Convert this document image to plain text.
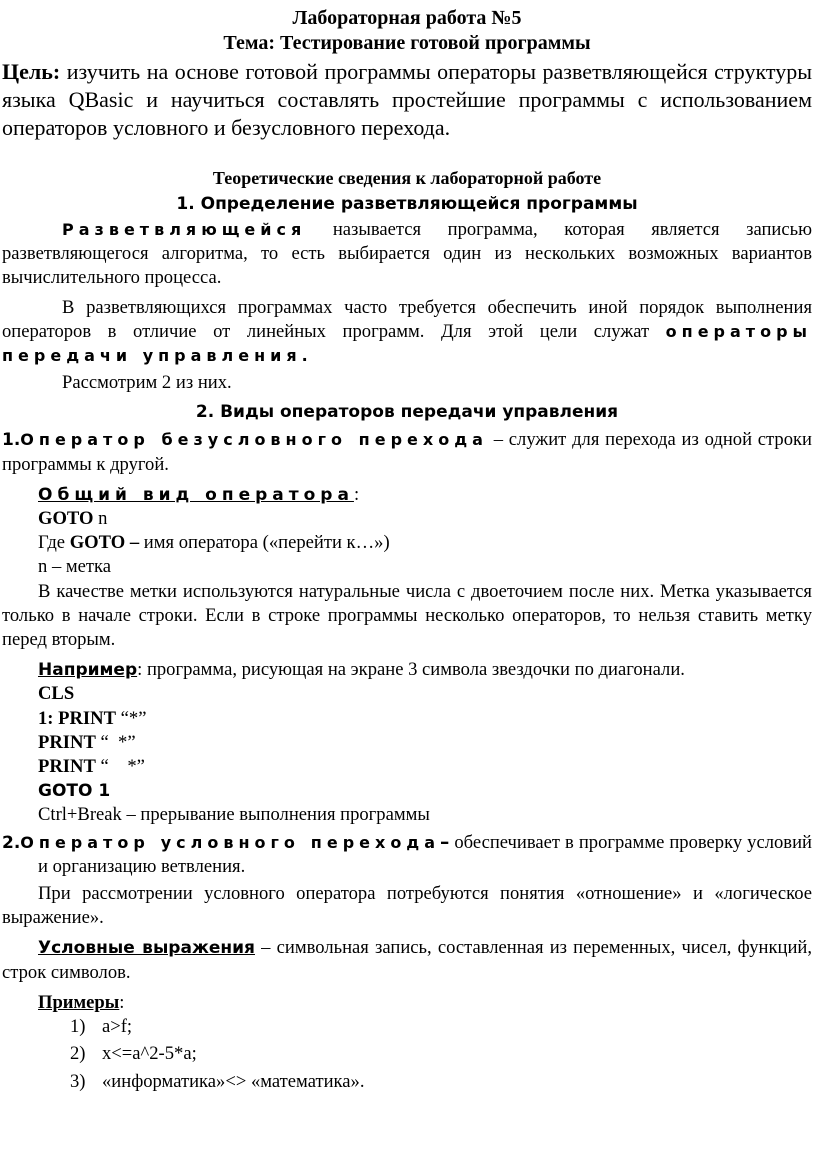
Лабораторная работа №5

Тема: Тестирование готовой программы

Цель: изучить на основе готовой программы операторы разветвляющейся структуры языка QBasic и научиться составлять простейшие программы с использованием операторов условного и безусловного перехода.

Теоретические сведения к лабораторной работе

1. Определение разветвляющейся программы

Разветвляющейся называется программа, которая является записью разветвляющегося алгоритма, то есть выбирается один из нескольких возможных вариантов вычислительного процесса.

В разветвляющихся программах часто требуется обеспечить иной порядок выполнения операторов в отличие от линейных программ. Для этой цели служат операторы передачи управления.

Рассмотрим 2 из них.

2. Виды операторов передачи управления

1.Оператор безусловного перехода – служит для перехода из одной строки программы к другой.

Общий вид оператора:

GOTO n

Где GOTO – имя оператора («перейти к…»)

n – метка

В качестве метки используются натуральные числа с двоеточием после них. Метка указывается только в начале строки. Если в строке программы несколько операторов, то нельзя ставить метку перед вторым.

Например: программа, рисующая на экране 3 символа звездочки по диагонали.

CLS

1: PRINT “*”

PRINT “  *”

PRINT “    *”

GOTO 1

Ctrl+Break – прерывание выполнения программы

2.Оператор условного перехода– обеспечивает в программе проверку условий и организацию ветвления.

При рассмотрении условного оператора потребуются понятия «отношение» и «логическое выражение».

Условные выражения – символьная запись, составленная из переменных, чисел, функций, строк символов.

Примеры:

1) a>f;
2) x<=a^2-5*a;
3) «информатика»<> «математика».
